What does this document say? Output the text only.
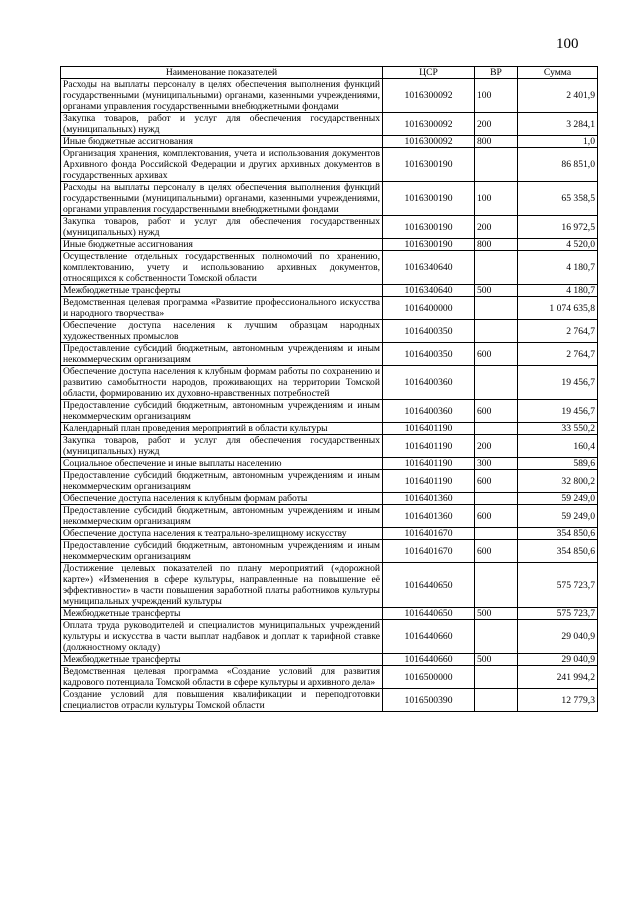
100
Наименование показателей	ЦСР	ВР	Сумма
Расходы на выплаты персоналу в целях обеспечения выполнения функций государственными (муниципальными) органами, казенными учреждениями, органами управления государственными внебюджетными фондами	1016300092	100	2 401,9
Закупка товаров, работ и услуг для обеспечения государственных (муниципальных) нужд	1016300092	200	3 284,1
Иные бюджетные ассигнования	1016300092	800	1,0
Организация хранения, комплектования, учета и использования документов Архивного фонда Российской Федерации и других архивных документов в государственных архивах	1016300190		86 851,0
Расходы на выплаты персоналу в целях обеспечения выполнения функций государственными (муниципальными) органами, казенными учреждениями, органами управления государственными внебюджетными фондами	1016300190	100	65 358,5
Закупка товаров, работ и услуг для обеспечения государственных (муниципальных) нужд	1016300190	200	16 972,5
Иные бюджетные ассигнования	1016300190	800	4 520,0
Осуществление отдельных государственных полномочий по хранению, комплектованию, учету и использованию архивных документов, относящихся к собственности Томской области	1016340640		4 180,7
Межбюджетные трансферты	1016340640	500	4 180,7
Ведомственная целевая программа «Развитие профессионального искусства и народного творчества»	1016400000		1 074 635,8
Обеспечение доступа населения к лучшим образцам народных художественных промыслов	1016400350		2 764,7
Предоставление субсидий бюджетным, автономным учреждениям и иным некоммерческим организациям	1016400350	600	2 764,7
Обеспечение доступа населения к клубным формам работы по сохранению и развитию самобытности народов, проживающих на территории Томской области, формированию их духовно-нравственных потребностей	1016400360		19 456,7
Предоставление субсидий бюджетным, автономным учреждениям и иным некоммерческим организациям	1016400360	600	19 456,7
Календарный план проведения мероприятий в области культуры	1016401190		33 550,2
Закупка товаров, работ и услуг для обеспечения государственных (муниципальных) нужд	1016401190	200	160,4
Социальное обеспечение и иные выплаты населению	1016401190	300	589,6
Предоставление субсидий бюджетным, автономным учреждениям и иным некоммерческим организациям	1016401190	600	32 800,2
Обеспечение доступа населения к клубным формам работы	1016401360		59 249,0
Предоставление субсидий бюджетным, автономным учреждениям и иным некоммерческим организациям	1016401360	600	59 249,0
Обеспечение доступа населения к театрально-зрелищному искусству	1016401670		354 850,6
Предоставление субсидий бюджетным, автономным учреждениям и иным некоммерческим организациям	1016401670	600	354 850,6
Достижение целевых показателей по плану мероприятий («дорожной карте») «Изменения в сфере культуры, направленные на повышение её эффективности» в части повышения заработной платы работников культуры муниципальных учреждений культуры	1016440650		575 723,7
Межбюджетные трансферты	1016440650	500	575 723,7
Оплата труда руководителей и специалистов муниципальных учреждений культуры и искусства в части выплат надбавок и доплат к тарифной ставке (должностному окладу)	1016440660		29 040,9
Межбюджетные трансферты	1016440660	500	29 040,9
Ведомственная целевая программа «Создание условий для развития кадрового потенциала Томской области в сфере культуры и архивного дела»	1016500000		241 994,2
Создание условий для повышения квалификации и переподготовки специалистов отрасли культуры Томской области	1016500390		12 779,3
